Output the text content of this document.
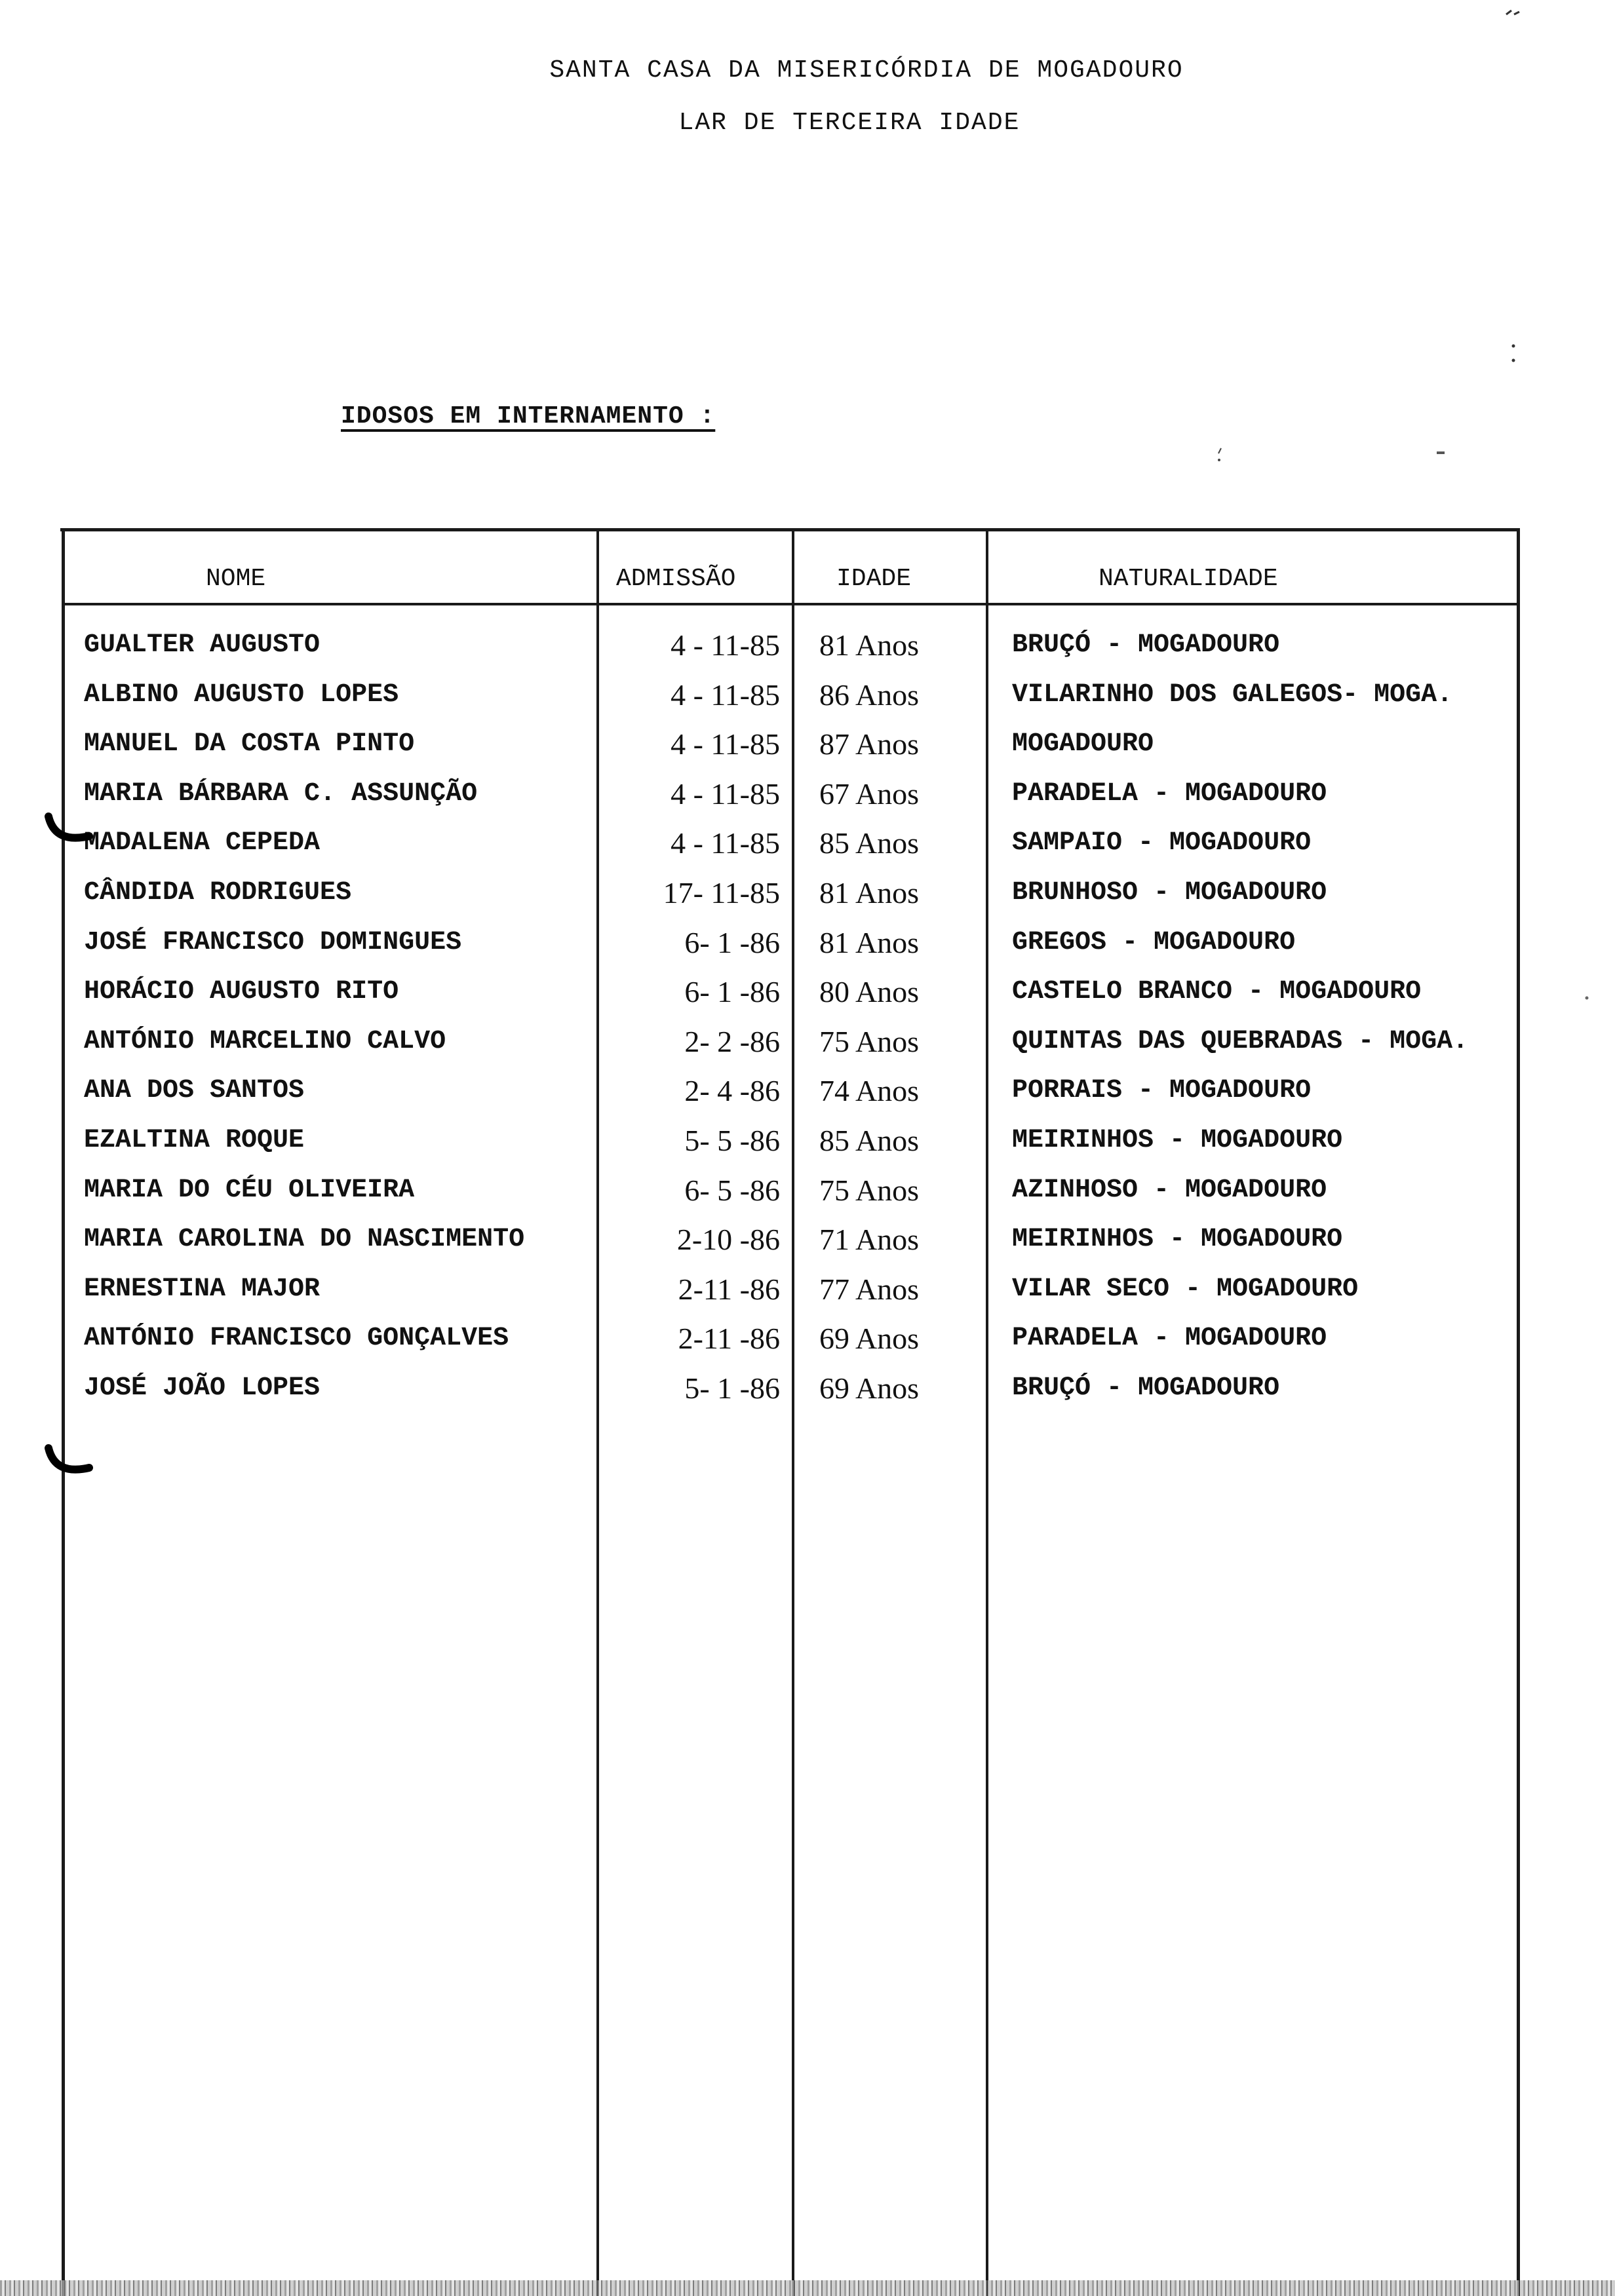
SANTA CASA DA MISERICÓRDIA DE MOGADOURO
LAR DE TERCEIRA IDADE
IDOSOS EM INTERNAMENTO :
NOME	ADMISSÃO	IDADE	NATURALIDADE
GUALTER AUGUSTO	4 - 11-85 81 Anos	BRUÇÓ - MOGADOURO
ALBINO AUGUSTO LOPES	4 - 11-85 86 Anos	VILARINHO DOS GALEGOS- MOGA.
MANUEL DA COSTA PINTO	4 - 11-85 87 Anos	MOGADOURO
MARIA BÁRBARA C. ASSUNÇÃO	4 - 11-85 67 Anos	PARADELA - MOGADOURO
MADALENA CEPEDA	4 - 11-85 85 Anos	SAMPAIO - MOGADOURO
CÂNDIDA RODRIGUES	17- 11-85 81 Anos	BRUNHOSO - MOGADOURO
JOSÉ FRANCISCO DOMINGUES	6- 1 -86 81 Anos	GREGOS - MOGADOURO
HORÁCIO AUGUSTO RITO	6- 1 -86 80 Anos	CASTELO BRANCO - MOGADOURO
ANTÓNIO MARCELINO CALVO	2- 2 -86 75 Anos	QUINTAS DAS QUEBRADAS - MOGA.
ANA DOS SANTOS	2- 4 -86 74 Anos	PORRAIS - MOGADOURO
EZALTINA ROQUE	5- 5 -86 85 Anos	MEIRINHOS - MOGADOURO
MARIA DO CÉU OLIVEIRA	6- 5 -86 75 Anos	AZINHOSO - MOGADOURO
MARIA CAROLINA DO NASCIMENTO	2-10 -86 71 Anos	MEIRINHOS - MOGADOURO
ERNESTINA MAJOR	2-11 -86 77 Anos	VILAR SECO - MOGADOURO
ANTÓNIO FRANCISCO GONÇALVES	2-11 -86 69 Anos	PARADELA - MOGADOURO
JOSÉ JOÃO LOPES	5- 1 -86 69 Anos	BRUÇÓ - MOGADOURO
